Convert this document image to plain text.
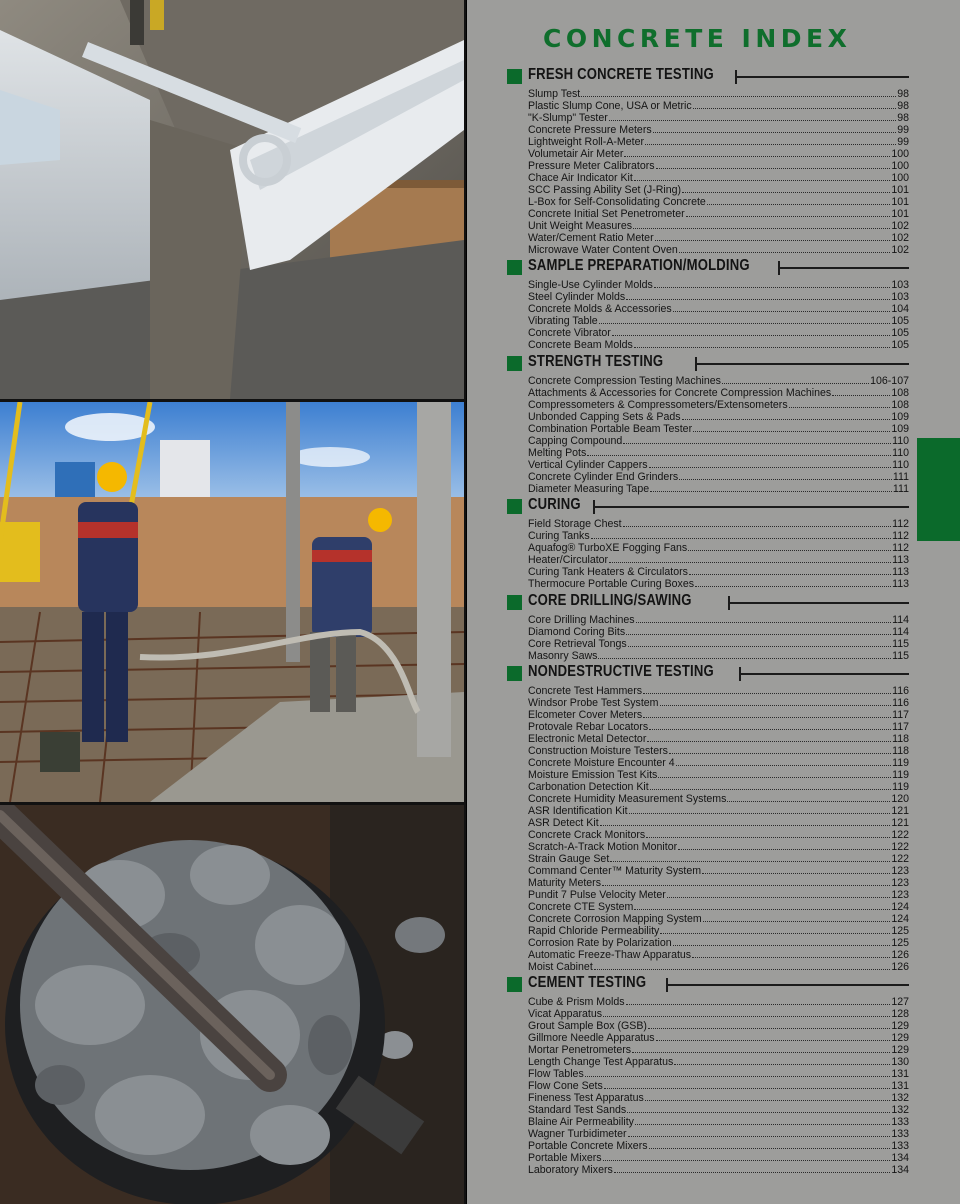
CONCRETE INDEX
FRESH CONCRETE TESTING
Slump Test	98
Plastic Slump Cone, USA or Metric	98
"K-Slump" Tester	98
Concrete Pressure Meters	99
Lightweight Roll-A-Meter	99
Volumetair Air Meter	100
Pressure Meter Calibrators	100
Chace Air Indicator Kit	100
SCC Passing Ability Set (J-Ring)	101
L-Box for Self-Consolidating Concrete	101
Concrete Initial Set Penetrometer	101
Unit Weight Measures	102
Water/Cement Ratio Meter	102
Microwave Water Content Oven	102
SAMPLE PREPARATION/MOLDING
Single-Use Cylinder Molds	103
Steel Cylinder Molds	103
Concrete Molds & Accessories	104
Vibrating Table	105
Concrete Vibrator	105
Concrete Beam Molds	105
STRENGTH TESTING
Concrete Compression Testing Machines	106-107
Attachments & Accessories for Concrete Compression Machines	108
Compressometers & Compressometers/Extensometers	108
Unbonded Capping Sets & Pads	109
Combination Portable Beam Tester	109
Capping Compound	110
Melting Pots	110
Vertical Cylinder Cappers	110
Concrete Cylinder End Grinders	111
Diameter Measuring Tape	111
CURING
Field Storage Chest	112
Curing Tanks	112
Aquafog® TurboXE Fogging Fans	112
Heater/Circulator	113
Curing Tank Heaters & Circulators	113
Thermocure Portable Curing Boxes	113
CORE DRILLING/SAWING
Core Drilling Machines	114
Diamond Coring Bits	114
Core Retrieval Tongs	115
Masonry Saws	115
NONDESTRUCTIVE TESTING
Concrete Test Hammers	116
Windsor Probe Test System	116
Elcometer Cover Meters	117
Protovale Rebar Locators	117
Electronic Metal Detector	118
Construction Moisture Testers	118
Concrete Moisture Encounter 4	119
Moisture Emission Test Kits	119
Carbonation Detection Kit	119
Concrete Humidity Measurement Systems	120
ASR Identification Kit	121
ASR Detect Kit	121
Concrete Crack Monitors	122
Scratch-A-Track Motion Monitor	122
Strain Gauge Set	122
Command Center™ Maturity System	123
Maturity Meters	123
Pundit 7 Pulse Velocity Meter	123
Concrete CTE System	124
Concrete Corrosion Mapping System	124
Rapid Chloride Permeability	125
Corrosion Rate by Polarization	125
Automatic Freeze-Thaw Apparatus	126
Moist Cabinet	126
CEMENT TESTING
Cube & Prism Molds	127
Vicat Apparatus	128
Grout Sample Box (GSB)	129
Gillmore Needle Apparatus	129
Mortar Penetrometers	129
Length Change Test Apparatus	130
Flow Tables	131
Flow Cone Sets	131
Fineness Test Apparatus	132
Standard Test Sands	132
Blaine Air Permeability	133
Wagner Turbidimeter	133
Portable Concrete Mixers	133
Portable Mixers	134
Laboratory Mixers	134
